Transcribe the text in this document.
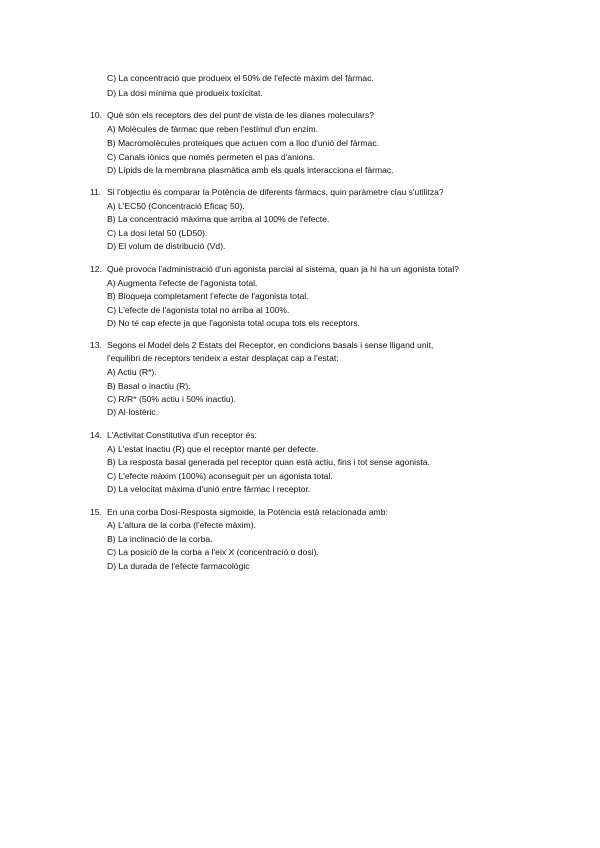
C) La concentració que produeix el 50% de l'efecte màxim del fàrmac.
D) La dosi mínima que produeix toxicitat.
10. Què són els receptors des del punt de vista de les dianes moleculars?
A) Molècules de fàrmac que reben l'estímul d'un enzim.
B) Macromolècules proteiques que actuen com a lloc d'unió del fàrmac.
C) Canals iònics que només permeten el pas d'anions.
D) Lípids de la membrana plasmàtica amb els quals interacciona el fàrmac.
11. Si l'objectiu és comparar la Potència de diferents fàrmacs, quin paràmetre clau s'utilitza?
A) L'EC50 (Concentració Eficaç 50).
B) La concentració màxima que arriba al 100% de l'efecte.
C) La dosi letal 50 (LD50).
D) El volum de distribució (Vd).
12. Què provoca l'administració d'un agonista parcial al sistema, quan ja hi ha un agonista total?
A) Augmenta l'efecte de l'agonista total.
B) Bloqueja completament l'efecte de l'agonista total.
C) L'efecte de l'agonista total no arriba al 100%.
D) No té cap efecte ja que l'agonista total ocupa tots els receptors.
13. Segons el Model dels 2 Estats del Receptor, en condicions basals i sense lligand unit,
l'equilibri de receptors tendeix a estar desplaçat cap a l'estat:
A) Actiu (R*).
B) Basal o inactiu (R).
C) R/R* (50% actiu i 50% inactiu).
D) Al·lostèric.
14. L'Activitat Constitutiva d'un receptor és:
A) L'estat inactiu (R) que el receptor manté per defecte.
B) La resposta basal generada pel receptor quan està actiu, fins i tot sense agonista.
C) L'efecte màxim (100%) aconseguit per un agonista total.
D) La velocitat màxima d'unió entre fàrmac i receptor.
15. En una corba Dosi-Resposta sigmoide, la Potència està relacionada amb:
A) L'altura de la corba (l'efecte màxim).
B) La inclinació de la corba.
C) La posició de la corba a l'eix X (concentració o dosi).
D) La durada de l'efecte farmacològic
